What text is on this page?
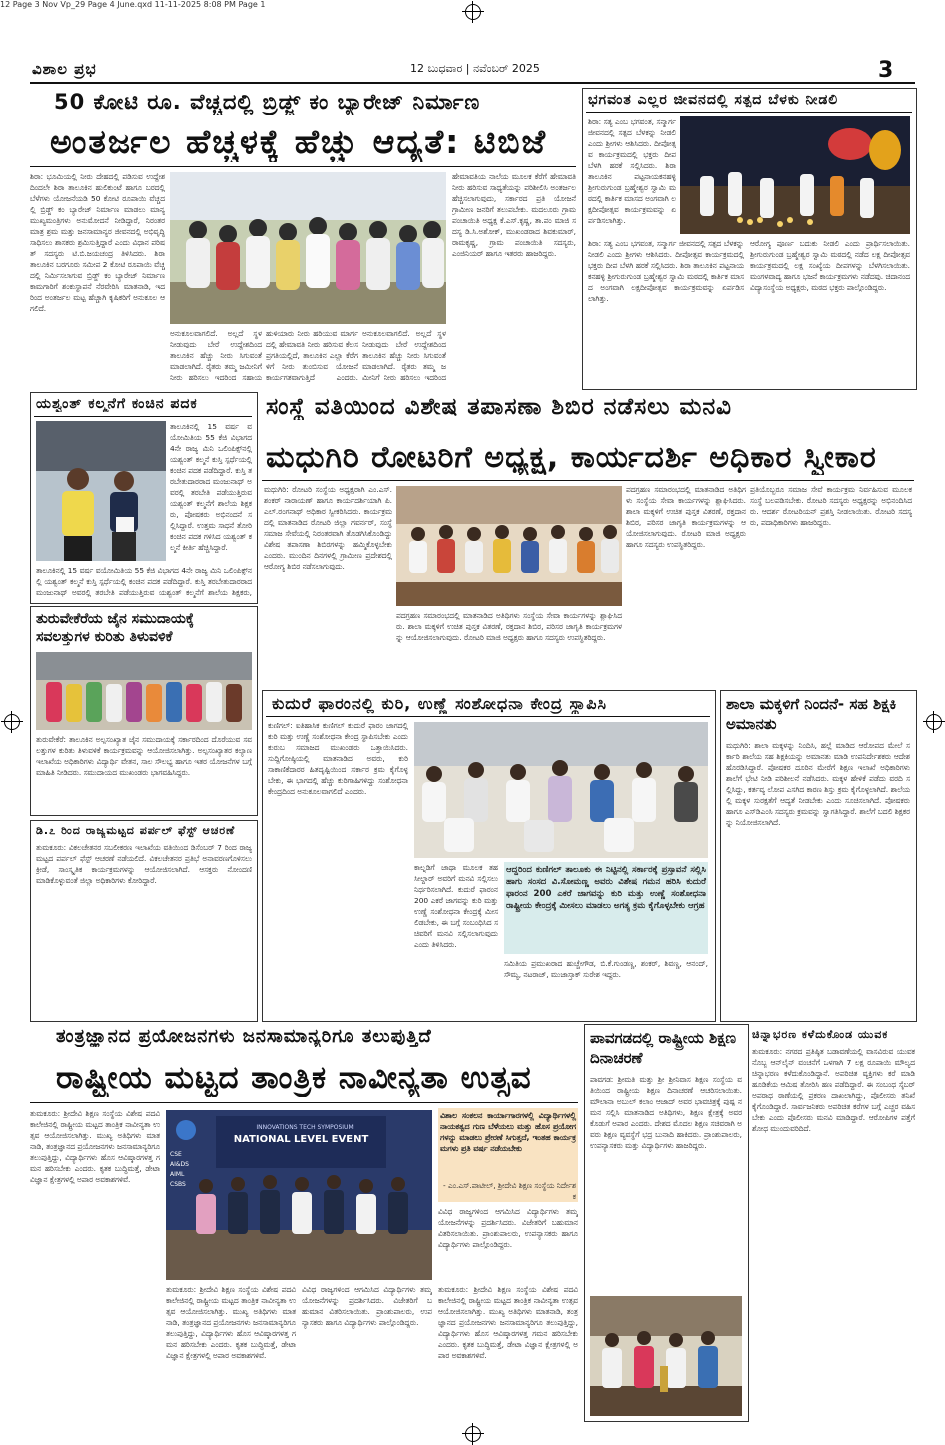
12 Page 3 Nov Vp_29 Page 4 June.qxd 11-11-2025 8:08 PM Page 1
ವಿಶಾಲ ಪ್ರಭ	12 ಬುಧವಾರ | ನವೆಂಬರ್ 2025	3
50 ಕೋಟಿ ರೂ. ವೆಚ್ಚದಲ್ಲಿ ಬ್ರಿಡ್ಜ್ ಕಂ ಬ್ಯಾರೇಜ್ ನಿರ್ಮಾಣ
ಅಂತರ್ಜಲ ಹೆಚ್ಚಳಕ್ಕೆ ಹೆಚ್ಚು ಆದ್ಯತೆ: ಟಿಬಿಜೆ
ಶಿರಾ: ಭೂಮಿಯಲ್ಲಿ ನೀರು ದೇಹದಲ್ಲಿ ಪಡಿಸುವ ಉದ್ದೇಶದಿಂದಲೇ ಶಿರಾ ತಾಲೂಕಿನ ಹುಲಿಕುಂಟೆ ಹಾಗೂ ಬರದಲ್ಲಿ ಬೆಳೆಗಳು ಯೋಜನೆಯಡಿ 50 ಕೋಟಿ ರೂಪಾಯಿ ವೆಚ್ಚದಲ್ಲಿ ಬ್ರಿಡ್ಜ್ ಕಂ ಬ್ಯಾರೇಜ್ ನಿರ್ಮಾಣ ಮಾಡಲು ಮಾನ್ಯ ಮುಖ್ಯಮಂತ್ರಿಗಳು ಅನುಮೋದನೆ ನೀಡಿದ್ದಾರೆ, ನಿರಂತರ ಮಾತ್ರ ಶ್ರಮ ಮತ್ತು ಜನಸಾಮಾನ್ಯರ ಜೀವನದಲ್ಲಿ ಅಭಿವೃದ್ಧಿ ಸಾಧಿಸಲು ಶಾಸಕರು ಶ್ರಮಿಸುತ್ತಿದ್ದಾರೆ ಎಂದು ವಿಧಾನ ಪರಿಷತ್ ಸದಸ್ಯರು ಟಿ.ಬಿ.ಜಯಚಂದ್ರ ತಿಳಿಸಿದರು. ಶಿರಾ ತಾಲೂಕಿನ ಬರಗೂರು ಸಮೀಪ 2 ಕೋಟಿ ರೂಪಾಯಿ ವೆಚ್ಚದಲ್ಲಿ ನಿರ್ಮಿಸಲಾಗುವ ಬ್ರಿಡ್ಜ್ ಕಂ ಬ್ಯಾರೇಜ್ ನಿರ್ಮಾಣ ಕಾಮಗಾರಿಗೆ ಶಂಕುಸ್ಥಾಪನೆ ನೆರವೇರಿಸಿ ಮಾತನಾಡಿ, ಇದರಿಂದ ಅಂತರ್ಜಲ ಮಟ್ಟ ಹೆಚ್ಚಾಗಿ ಕೃಷಿಕರಿಗೆ ಅನುಕೂಲ ಆಗಲಿದೆ.
ಅನುಕೂಲವಾಗಲಿದೆ. ಅಲ್ಲದೆ ಸ್ಥಳ ನೀಡುವುದು ಬೇರೆ ಉದ್ದೇಶದಿಂದ ತಾಲೂಕಿನ ಹೆಚ್ಚು ನೀರು ಸಿಗುವಂತೆ ಮಾಡಲಾಗಿದೆ. ರೈತರು ತಮ್ಮ ಜಮೀನಿಗೆ ನೀರು ಹರಿಸಲು ಇದರಿಂದ ಸಹಾಯ
ಹುಳಿಯಾರು ನೀರು ಹರಿಯುವ ಮಾರ್ಗದಲ್ಲಿ ಹೇಮಾವತಿ ನೀರು ಹರಿಸುವ ಕೆಲಸ ಪ್ರಗತಿಯಲ್ಲಿದೆ, ತಾಲೂಕಿನ ಎಲ್ಲಾ ಕೆರೆಗಳಿಗೆ ನೀರು ತುಂಬಿಸುವ ಯೋಜನೆ ಕಾರ್ಯಗತವಾಗುತ್ತಿದೆ ಎಂದರು.
ಅನುಕೂಲವಾಗಲಿದೆ. ಅಲ್ಲದೆ ಸ್ಥಳ ನೀಡುವುದು ಬೇರೆ ಉದ್ದೇಶದಿಂದ ತಾಲೂಕಿನ ಹೆಚ್ಚು ನೀರು ಸಿಗುವಂತೆ ಮಾಡಲಾಗಿದೆ. ರೈತರು ತಮ್ಮ ಜಮೀನಿಗೆ ನೀರು ಹರಿಸಲು ಇದರಿಂದ
ಹೇಮಾವತಿಯ ನಾಲೆಯ ಮೂಲಕ ಕೆರೆಗೆ ಹೇಮಾವತಿ ನೀರು ಹರಿಸುವ ಸಾಧ್ಯತೆಯನ್ನು ಪರಿಶೀಲಿಸಿ ಅಂತರ್ಜಲ ಹೆಚ್ಚಿಸಲಾಗುವುದು, ಸರ್ಕಾರದ ಪ್ರತಿ ಯೋಜನೆ ಗ್ರಾಮೀಣ ಜನರಿಗೆ ತಲುಪಬೇಕು. ಮದಲೂರು ಗ್ರಾಮ ಪಂಚಾಯಿತಿ ಅಧ್ಯಕ್ಷ ಕೆ.ಎಸ್.ಕೃಷ್ಣ, ತಾ.ಪಂ ಮಾಜಿ ಸದಸ್ಯ ಡಿ.ಸಿ.ಅಶೋಕ್, ಮುಖಂಡರಾದ ಶಿವಕುಮಾರ್, ರಾಮಕೃಷ್ಣ, ಗ್ರಾಮ ಪಂಚಾಯಿತಿ ಸದಸ್ಯರು, ಎಂಜಿನಿಯರ್ ಹಾಗೂ ಇತರರು ಹಾಜರಿದ್ದರು.
ಭಗವಂತ ಎಲ್ಲರ ಜೀವನದಲ್ಲಿ ಸತ್ಪದ ಬೆಳಕು ನೀಡಲಿ
ಶಿರಾ: ಸತ್ಯ ಎಂಬ ಭಗವಂತ, ಸನ್ಮಾರ್ಗ ಜೀವನದಲ್ಲಿ ಸತ್ಪದ ಬೆಳಕನ್ನು ನೀಡಲಿ ಎಂದು ಶ್ರೀಗಳು ಆಶಿಸಿದರು. ದೀಪೋತ್ಸವ ಕಾರ್ಯಕ್ರಮದಲ್ಲಿ ಭಕ್ತರು ದೀಪ ಬೆಳಗಿ ಹರಕೆ ಸಲ್ಲಿಸಿದರು. ಶಿರಾ ತಾಲೂಕಿನ ಪಟ್ಟನಾಯಕನಹಳ್ಳಿ ಶ್ರೀಗುರುಗುಂಡ ಬ್ರಹ್ಮೇಶ್ವರ ಸ್ವಾಮಿ ಮಠದಲ್ಲಿ ಕಾರ್ತಿಕ ಮಾಸದ ಅಂಗವಾಗಿ ಲಕ್ಷದೀಪೋತ್ಸವ ಕಾರ್ಯಕ್ರಮವನ್ನು ಏರ್ಪಡಿಸಲಾಗಿತ್ತು.
ಶಿರಾ: ಸತ್ಯ ಎಂಬ ಭಗವಂತ, ಸನ್ಮಾರ್ಗ ಜೀವನದಲ್ಲಿ ಸತ್ಪದ ಬೆಳಕನ್ನು ನೀಡಲಿ ಎಂದು ಶ್ರೀಗಳು ಆಶಿಸಿದರು. ದೀಪೋತ್ಸವ ಕಾರ್ಯಕ್ರಮದಲ್ಲಿ ಭಕ್ತರು ದೀಪ ಬೆಳಗಿ ಹರಕೆ ಸಲ್ಲಿಸಿದರು. ಶಿರಾ ತಾಲೂಕಿನ ಪಟ್ಟನಾಯಕನಹಳ್ಳಿ ಶ್ರೀಗುರುಗುಂಡ ಬ್ರಹ್ಮೇಶ್ವರ ಸ್ವಾಮಿ ಮಠದಲ್ಲಿ ಕಾರ್ತಿಕ ಮಾಸದ ಅಂಗವಾಗಿ ಲಕ್ಷದೀಪೋತ್ಸವ ಕಾರ್ಯಕ್ರಮವನ್ನು ಏರ್ಪಡಿಸಲಾಗಿತ್ತು.
ಆರೋಗ್ಯ ಪೂರ್ಣ ಬದುಕು ನೀಡಲಿ ಎಂದು ಪ್ರಾರ್ಥಿಸಲಾಯಿತು. ಶ್ರೀಗುರುಗುಂಡ ಬ್ರಹ್ಮೇಶ್ವರ ಸ್ವಾಮಿ ಮಠದಲ್ಲಿ ನಡೆದ ಲಕ್ಷ ದೀಪೋತ್ಸವ ಕಾರ್ಯಕ್ರಮದಲ್ಲಿ ಲಕ್ಷ ಸಂಖ್ಯೆಯ ದೀಪಗಳನ್ನು ಬೆಳಗಿಸಲಾಯಿತು. ಮಂಗಳವಾದ್ಯ ಹಾಗೂ ಭಜನೆ ಕಾರ್ಯಕ್ರಮಗಳು ನಡೆದವು. ಚಿದಾನಂದ ವಿದ್ಯಾಸಂಸ್ಥೆಯ ಅಧ್ಯಕ್ಷರು, ಮಠದ ಭಕ್ತರು ಪಾಲ್ಗೊಂಡಿದ್ದರು.
ಯಶ್ವಂತ್ ಕಲ್ಮನೆಗೆ ಕಂಚಿನ ಪದಕ
ತಾಲೂಕಿನಲ್ಲಿ 15 ವರ್ಷ ವಯೋಮಿತಿಯ 55 ಕೆಜಿ ವಿಭಾಗದ 4ನೇ ರಾಜ್ಯ ಮಿನಿ ಒಲಿಂಪಿಕ್ಸ್‌ನಲ್ಲಿ ಯಶ್ವಂತ್ ಕಲ್ಮನೆ ಕುಸ್ತಿ ಸ್ಪರ್ಧೆಯಲ್ಲಿ ಕಂಚಿನ ಪದಕ ಪಡೆದಿದ್ದಾರೆ. ಕುಸ್ತಿ ತರಬೇತುದಾರರಾದ ಮಂಜುನಾಥ್ ಅವರಲ್ಲಿ ತರಬೇತಿ ಪಡೆಯುತ್ತಿರುವ ಯಶ್ವಂತ್ ಕಲ್ಮನೆಗೆ ಶಾಲೆಯ ಶಿಕ್ಷಕರು, ಪೋಷಕರು ಅಭಿನಂದನೆ ಸಲ್ಲಿಸಿದ್ದಾರೆ. ಉತ್ತಮ ಸಾಧನೆ ತೋರಿ ಕಂಚಿನ ಪದಕ ಗಳಿಸಿದ ಯಶ್ವಂತ್ ಕಲ್ಮನೆ ಕೀರ್ತಿ ಹೆಚ್ಚಿಸಿದ್ದಾರೆ.
ತಾಲೂಕಿನಲ್ಲಿ 15 ವರ್ಷ ವಯೋಮಿತಿಯ 55 ಕೆಜಿ ವಿಭಾಗದ 4ನೇ ರಾಜ್ಯ ಮಿನಿ ಒಲಿಂಪಿಕ್ಸ್‌ನಲ್ಲಿ ಯಶ್ವಂತ್ ಕಲ್ಮನೆ ಕುಸ್ತಿ ಸ್ಪರ್ಧೆಯಲ್ಲಿ ಕಂಚಿನ ಪದಕ ಪಡೆದಿದ್ದಾರೆ. ಕುಸ್ತಿ ತರಬೇತುದಾರರಾದ ಮಂಜುನಾಥ್ ಅವರಲ್ಲಿ ತರಬೇತಿ ಪಡೆಯುತ್ತಿರುವ ಯಶ್ವಂತ್ ಕಲ್ಮನೆಗೆ ಶಾಲೆಯ ಶಿಕ್ಷಕರು,
ಸಂಸ್ಥೆ ವತಿಯಿಂದ ವಿಶೇಷ ತಪಾಸಣಾ ಶಿಬಿರ ನಡೆಸಲು ಮನವಿ
ಮಧುಗಿರಿ ರೋಟರಿಗೆ ಅಧ್ಯಕ್ಷ, ಕಾರ್ಯದರ್ಶಿ ಅಧಿಕಾರ ಸ್ವೀಕಾರ
ಮಧುಗಿರಿ: ರೋಟರಿ ಸಂಸ್ಥೆಯ ಅಧ್ಯಕ್ಷರಾಗಿ ಎಂ.ಎಸ್.ಶಂಕರ್ ನಾರಾಯಣ್ ಹಾಗೂ ಕಾರ್ಯದರ್ಶಿಯಾಗಿ ಪಿ.ಎಲ್.ರಂಗನಾಥ್ ಅಧಿಕಾರ ಸ್ವೀಕರಿಸಿದರು. ಕಾರ್ಯಕ್ರಮದಲ್ಲಿ ಮಾತನಾಡಿದ ರೋಟರಿ ಜಿಲ್ಲಾ ಗವರ್ನರ್, ಸಂಸ್ಥೆ ಸಮಾಜ ಸೇವೆಯಲ್ಲಿ ನಿರಂತರವಾಗಿ ತೊಡಗಿಸಿಕೊಂಡಿದ್ದು ವಿಶೇಷ ತಪಾಸಣಾ ಶಿಬಿರಗಳನ್ನು ಹಮ್ಮಿಕೊಳ್ಳಬೇಕು ಎಂದರು. ಮುಂದಿನ ದಿನಗಳಲ್ಲಿ ಗ್ರಾಮೀಣ ಪ್ರದೇಶದಲ್ಲಿ ಆರೋಗ್ಯ ಶಿಬಿರ ನಡೆಸಲಾಗುವುದು.
ಪದಗ್ರಹಣ ಸಮಾರಂಭದಲ್ಲಿ ಮಾತನಾಡಿದ ಅತಿಥಿಗಳು ಸಂಸ್ಥೆಯ ಸೇವಾ ಕಾರ್ಯಗಳನ್ನು ಶ್ಲಾಘಿಸಿದರು. ಶಾಲಾ ಮಕ್ಕಳಿಗೆ ಉಚಿತ ಪುಸ್ತಕ ವಿತರಣೆ, ರಕ್ತದಾನ ಶಿಬಿರ, ಪರಿಸರ ಜಾಗೃತಿ ಕಾರ್ಯಕ್ರಮಗಳನ್ನು ಆಯೋಜಿಸಲಾಗುವುದು. ರೋಟರಿ ಮಾಜಿ ಅಧ್ಯಕ್ಷರು ಹಾಗೂ ಸದಸ್ಯರು ಉಪಸ್ಥಿತರಿದ್ದರು.
ಪದಗ್ರಹಣ ಸಮಾರಂಭದಲ್ಲಿ ಮಾತನಾಡಿದ ಅತಿಥಿಗಳು ಸಂಸ್ಥೆಯ ಸೇವಾ ಕಾರ್ಯಗಳನ್ನು ಶ್ಲಾಘಿಸಿದರು. ಶಾಲಾ ಮಕ್ಕಳಿಗೆ ಉಚಿತ ಪುಸ್ತಕ ವಿತರಣೆ, ರಕ್ತದಾನ ಶಿಬಿರ, ಪರಿಸರ ಜಾಗೃತಿ ಕಾರ್ಯಕ್ರಮಗಳನ್ನು ಆಯೋಜಿಸಲಾಗುವುದು. ರೋಟರಿ ಮಾಜಿ ಅಧ್ಯಕ್ಷರು ಹಾಗೂ ಸದಸ್ಯರು ಉಪಸ್ಥಿತರಿದ್ದರು.
ಪ್ರತಿಯೊಬ್ಬರೂ ಸಮಾಜ ಸೇವೆ ಕಾರ್ಯಕ್ರಮ ನಿರ್ವಹಿಸುವ ಮೂಲಕ ಸಂಸ್ಥೆ ಬಲಪಡಿಸಬೇಕು. ರೋಟರಿ ಸದಸ್ಯರು ಅಧ್ಯಕ್ಷರನ್ನು ಅಭಿನಂದಿಸಿದರು. ಆದರ್ಶ ರೋಟರಿಯನ್ ಪ್ರಶಸ್ತಿ ನೀಡಲಾಯಿತು. ರೋಟರಿ ಸದಸ್ಯರು, ಪದಾಧಿಕಾರಿಗಳು ಹಾಜರಿದ್ದರು.
ತುರುವೇಕೆರೆಯ ಜೈನ ಸಮುದಾಯಕ್ಕೆ ಸವಲತ್ತುಗಳ ಕುರಿತು ತಿಳುವಳಿಕೆ
ತುರುವೇಕೆರೆ: ತಾಲೂಕಿನ ಅಲ್ಪಸಂಖ್ಯಾತ ಜೈನ ಸಮುದಾಯಕ್ಕೆ ಸರ್ಕಾರದಿಂದ ದೊರೆಯುವ ಸವಲತ್ತುಗಳ ಕುರಿತು ತಿಳುವಳಿಕೆ ಕಾರ್ಯಕ್ರಮವನ್ನು ಆಯೋಜಿಸಲಾಗಿತ್ತು. ಅಲ್ಪಸಂಖ್ಯಾತರ ಕಲ್ಯಾಣ ಇಲಾಖೆಯ ಅಧಿಕಾರಿಗಳು ವಿದ್ಯಾರ್ಥಿ ವೇತನ, ಸಾಲ ಸೌಲಭ್ಯ ಹಾಗೂ ಇತರ ಯೋಜನೆಗಳ ಬಗ್ಗೆ ಮಾಹಿತಿ ನೀಡಿದರು. ಸಮುದಾಯದ ಮುಖಂಡರು ಭಾಗವಹಿಸಿದ್ದರು.
ಡಿ.೭ ರಿಂದ ರಾಜ್ಯಮಟ್ಟದ ಪರ್ಪಲ್ ಫೆಸ್ಟ್ ಆಚರಣೆ
ತುಮಕೂರು: ವಿಕಲಚೇತನರ ಸಬಲೀಕರಣ ಇಲಾಖೆಯ ವತಿಯಿಂದ ಡಿಸೆಂಬರ್ 7 ರಿಂದ ರಾಜ್ಯಮಟ್ಟದ ಪರ್ಪಲ್ ಫೆಸ್ಟ್ ಆಚರಣೆ ನಡೆಯಲಿದೆ. ವಿಕಲಚೇತನರ ಪ್ರತಿಭೆ ಅನಾವರಣಗೊಳಿಸಲು ಕ್ರೀಡೆ, ಸಾಂಸ್ಕೃತಿಕ ಕಾರ್ಯಕ್ರಮಗಳನ್ನು ಆಯೋಜಿಸಲಾಗಿದೆ. ಆಸಕ್ತರು ನೋಂದಣಿ ಮಾಡಿಕೊಳ್ಳುವಂತೆ ಜಿಲ್ಲಾ ಅಧಿಕಾರಿಗಳು ಕೋರಿದ್ದಾರೆ.
ಕುದುರೆ ಫಾರಂನಲ್ಲಿ ಕುರಿ, ಉಣ್ಣೆ ಸಂಶೋಧನಾ ಕೇಂದ್ರ ಸ್ಥಾಪಿಸಿ
ಕುಣಿಗಲ್: ಐತಿಹಾಸಿಕ ಕುಣಿಗಲ್ ಕುದುರೆ ಫಾರಂ ಜಾಗದಲ್ಲಿ ಕುರಿ ಮತ್ತು ಉಣ್ಣೆ ಸಂಶೋಧನಾ ಕೇಂದ್ರ ಸ್ಥಾಪಿಸಬೇಕು ಎಂದು ಕುರುಬ ಸಮಾಜದ ಮುಖಂಡರು ಒತ್ತಾಯಿಸಿದರು. ಸುದ್ದಿಗೋಷ್ಠಿಯಲ್ಲಿ ಮಾತನಾಡಿದ ಅವರು, ಕುರಿ ಸಾಕಾಣಿಕೆದಾರರ ಹಿತದೃಷ್ಟಿಯಿಂದ ಸರ್ಕಾರ ಕ್ರಮ ಕೈಗೊಳ್ಳಬೇಕು, ಈ ಭಾಗದಲ್ಲಿ ಹೆಚ್ಚು ಕುರಿಗಾಹಿಗಳಿದ್ದು ಸಂಶೋಧನಾ ಕೇಂದ್ರದಿಂದ ಅನುಕೂಲವಾಗಲಿದೆ ಎಂದರು.
ಕಾಲ್ನಡಿಗೆ ಜಾಥಾ ಮೂಲಕ ತಹಸೀಲ್ದಾರ್ ಅವರಿಗೆ ಮನವಿ ಸಲ್ಲಿಸಲು ನಿರ್ಧರಿಸಲಾಗಿದೆ. ಕುದುರೆ ಫಾರಂನ 200 ಎಕರೆ ಜಾಗವನ್ನು ಕುರಿ ಮತ್ತು ಉಣ್ಣೆ ಸಂಶೋಧನಾ ಕೇಂದ್ರಕ್ಕೆ ಮೀಸಲಿಡಬೇಕು, ಈ ಬಗ್ಗೆ ಸಂಬಂಧಿಸಿದ ಸಚಿವರಿಗೆ ಮನವಿ ಸಲ್ಲಿಸಲಾಗುವುದು ಎಂದು ತಿಳಿಸಿದರು.
ಆದ್ದರಿಂದ ಕುಣಿಗಲ್ ತಾಲೂಕು ಈ ನಿಟ್ಟಿನಲ್ಲಿ ಸರ್ಕಾರಕ್ಕೆ ಪ್ರಸ್ತಾವನೆ ಸಲ್ಲಿಸಿ ಹಾಗು ಸಂಸದ ವಿ.ಸೋಮಣ್ಣ ಅವರು ವಿಶೇಷ ಗಮನ ಹರಿಸಿ ಕುದುರೆ ಫಾರಂನ 200 ಎಕರೆ ಜಾಗವನ್ನು ಕುರಿ ಮತ್ತು ಉಣ್ಣೆ ಸಂಶೋಧನಾ ರಾಷ್ಟ್ರೀಯ ಕೇಂದ್ರಕ್ಕೆ ಮೀಸಲು ಮಾಡಲು ಅಗತ್ಯ ಕ್ರಮ ಕೈಗೊಳ್ಳಬೇಕು ಆಗ್ರಹ
ಸಮಿತಿಯ ಪ್ರಮುಖರಾದ ಹುಚ್ಚೇಗೌಡ, ಬಿ.ಕೆ.ಗುಂಡಣ್ಣ, ಶಂಕರ್, ಶಿವಣ್ಣ, ಆನಂದ್, ಸೌಮ್ಯ, ನಟರಾಜ್, ಮುಜಾಸ್ತಾಕ್ ಸುರೇಶ ಇದ್ದರು.
ಶಾಲಾ ಮಕ್ಕಳಿಗೆ ನಿಂದನೆ- ಸಹ ಶಿಕ್ಷಕಿ ಅಮಾನತು
ಮಧುಗಿರಿ: ಶಾಲಾ ಮಕ್ಕಳನ್ನು ನಿಂದಿಸಿ, ಹಲ್ಲೆ ಮಾಡಿದ ಆರೋಪದ ಮೇಲೆ ಸರ್ಕಾರಿ ಶಾಲೆಯ ಸಹ ಶಿಕ್ಷಕಿಯನ್ನು ಅಮಾನತು ಮಾಡಿ ಉಪನಿರ್ದೇಶಕರು ಆದೇಶ ಹೊರಡಿಸಿದ್ದಾರೆ. ಪೋಷಕರ ದೂರಿನ ಮೇರೆಗೆ ಶಿಕ್ಷಣ ಇಲಾಖೆ ಅಧಿಕಾರಿಗಳು ಶಾಲೆಗೆ ಭೇಟಿ ನೀಡಿ ಪರಿಶೀಲನೆ ನಡೆಸಿದರು. ಮಕ್ಕಳ ಹೇಳಿಕೆ ಪಡೆದು ವರದಿ ಸಲ್ಲಿಸಿದ್ದು, ಕರ್ತವ್ಯ ಲೋಪ ಎಸಗಿದ ಕಾರಣ ಶಿಸ್ತು ಕ್ರಮ ಕೈಗೊಳ್ಳಲಾಗಿದೆ. ಶಾಲೆಯಲ್ಲಿ ಮಕ್ಕಳ ಸುರಕ್ಷತೆಗೆ ಆದ್ಯತೆ ನೀಡಬೇಕು ಎಂದು ಸೂಚಿಸಲಾಗಿದೆ. ಪೋಷಕರು ಹಾಗೂ ಎಸ್‌ಡಿಎಂಸಿ ಸದಸ್ಯರು ಕ್ರಮವನ್ನು ಸ್ವಾಗತಿಸಿದ್ದಾರೆ. ಶಾಲೆಗೆ ಬದಲಿ ಶಿಕ್ಷಕರನ್ನು ನಿಯೋಜಿಸಲಾಗಿದೆ.
ತಂತ್ರಜ್ಞಾನದ ಪ್ರಯೋಜನಗಳು ಜನಸಾಮಾನ್ಯರಿಗೂ ತಲುಪುತ್ತಿದೆ
ರಾಷ್ಟ್ರೀಯ ಮಟ್ಟದ ತಾಂತ್ರಿಕ ನಾವೀನ್ಯತಾ ಉತ್ಸವ
ತುಮಕೂರು: ಶ್ರೀದೇವಿ ಶಿಕ್ಷಣ ಸಂಸ್ಥೆಯ ವಿಶೇಷ ಪದವಿ ಕಾಲೇಜಿನಲ್ಲಿ ರಾಷ್ಟ್ರೀಯ ಮಟ್ಟದ ತಾಂತ್ರಿಕ ನಾವೀನ್ಯತಾ ಉತ್ಸವ ಆಯೋಜಿಸಲಾಗಿತ್ತು. ಮುಖ್ಯ ಅತಿಥಿಗಳು ಮಾತನಾಡಿ, ತಂತ್ರಜ್ಞಾನದ ಪ್ರಯೋಜನಗಳು ಜನಸಾಮಾನ್ಯರಿಗೂ ತಲುಪುತ್ತಿದ್ದು, ವಿದ್ಯಾರ್ಥಿಗಳು ಹೊಸ ಆವಿಷ್ಕಾರಗಳತ್ತ ಗಮನ ಹರಿಸಬೇಕು ಎಂದರು. ಕೃತಕ ಬುದ್ಧಿಮತ್ತೆ, ಡೇಟಾ ವಿಜ್ಞಾನ ಕ್ಷೇತ್ರಗಳಲ್ಲಿ ಅಪಾರ ಅವಕಾಶಗಳಿವೆ.
INNOVATIONS TECH SYMPOSIUM
NATIONAL LEVEL EVENT
CSE
AI&DS
AIML
CSBS
ವಿಶಾಲ ಸಂಕಲನ ಕಾರ್ಯಾಗಾರಗಳಲ್ಲಿ ವಿದ್ಯಾರ್ಥಿಗಳಲ್ಲಿ ನಾಯಕತ್ವದ ಗುಣ ಬೆಳೆಯಲು ಮತ್ತು ಹೊಸ ಪ್ರಯೋಗಗಳನ್ನು ಮಾಡಲು ಪ್ರೇರಣೆ ಸಿಗುತ್ತದೆ, ಇಂತಹ ಕಾರ್ಯಕ್ರಮಗಳು ಪ್ರತಿ ವರ್ಷ ನಡೆಯಬೇಕು
- ಎಂ.ಎಸ್.ಪಾಟೀಲ್, ಶ್ರೀದೇವಿ ಶಿಕ್ಷಣ ಸಂಸ್ಥೆಯ ನಿರ್ದೇಶಕ
ವಿವಿಧ ರಾಜ್ಯಗಳಿಂದ ಆಗಮಿಸಿದ ವಿದ್ಯಾರ್ಥಿಗಳು ತಮ್ಮ ಯೋಜನೆಗಳನ್ನು ಪ್ರದರ್ಶಿಸಿದರು. ವಿಜೇತರಿಗೆ ಬಹುಮಾನ ವಿತರಿಸಲಾಯಿತು. ಪ್ರಾಂಶುಪಾಲರು, ಉಪನ್ಯಾಸಕರು ಹಾಗೂ ವಿದ್ಯಾರ್ಥಿಗಳು ಪಾಲ್ಗೊಂಡಿದ್ದರು.
ತುಮಕೂರು: ಶ್ರೀದೇವಿ ಶಿಕ್ಷಣ ಸಂಸ್ಥೆಯ ವಿಶೇಷ ಪದವಿ ಕಾಲೇಜಿನಲ್ಲಿ ರಾಷ್ಟ್ರೀಯ ಮಟ್ಟದ ತಾಂತ್ರಿಕ ನಾವೀನ್ಯತಾ ಉತ್ಸವ ಆಯೋಜಿಸಲಾಗಿತ್ತು. ಮುಖ್ಯ ಅತಿಥಿಗಳು ಮಾತನಾಡಿ, ತಂತ್ರಜ್ಞಾನದ ಪ್ರಯೋಜನಗಳು ಜನಸಾಮಾನ್ಯರಿಗೂ ತಲುಪುತ್ತಿದ್ದು, ವಿದ್ಯಾರ್ಥಿಗಳು ಹೊಸ ಆವಿಷ್ಕಾರಗಳತ್ತ ಗಮನ ಹರಿಸಬೇಕು ಎಂದರು. ಕೃತಕ ಬುದ್ಧಿಮತ್ತೆ, ಡೇಟಾ ವಿಜ್ಞಾನ ಕ್ಷೇತ್ರಗಳಲ್ಲಿ ಅಪಾರ ಅವಕಾಶಗಳಿವೆ.
ವಿವಿಧ ರಾಜ್ಯಗಳಿಂದ ಆಗಮಿಸಿದ ವಿದ್ಯಾರ್ಥಿಗಳು ತಮ್ಮ ಯೋಜನೆಗಳನ್ನು ಪ್ರದರ್ಶಿಸಿದರು. ವಿಜೇತರಿಗೆ ಬಹುಮಾನ ವಿತರಿಸಲಾಯಿತು. ಪ್ರಾಂಶುಪಾಲರು, ಉಪನ್ಯಾಸಕರು ಹಾಗೂ ವಿದ್ಯಾರ್ಥಿಗಳು ಪಾಲ್ಗೊಂಡಿದ್ದರು.
ತುಮಕೂರು: ಶ್ರೀದೇವಿ ಶಿಕ್ಷಣ ಸಂಸ್ಥೆಯ ವಿಶೇಷ ಪದವಿ ಕಾಲೇಜಿನಲ್ಲಿ ರಾಷ್ಟ್ರೀಯ ಮಟ್ಟದ ತಾಂತ್ರಿಕ ನಾವೀನ್ಯತಾ ಉತ್ಸವ ಆಯೋಜಿಸಲಾಗಿತ್ತು. ಮುಖ್ಯ ಅತಿಥಿಗಳು ಮಾತನಾಡಿ, ತಂತ್ರಜ್ಞಾನದ ಪ್ರಯೋಜನಗಳು ಜನಸಾಮಾನ್ಯರಿಗೂ ತಲುಪುತ್ತಿದ್ದು, ವಿದ್ಯಾರ್ಥಿಗಳು ಹೊಸ ಆವಿಷ್ಕಾರಗಳತ್ತ ಗಮನ ಹರಿಸಬೇಕು ಎಂದರು. ಕೃತಕ ಬುದ್ಧಿಮತ್ತೆ, ಡೇಟಾ ವಿಜ್ಞಾನ ಕ್ಷೇತ್ರಗಳಲ್ಲಿ ಅಪಾರ ಅವಕಾಶಗಳಿವೆ.
ಪಾವಗಡದಲ್ಲಿ ರಾಷ್ಟ್ರೀಯ ಶಿಕ್ಷಣ ದಿನಾಚರಣೆ
ಪಾವಗಡ: ಶ್ರೀಮತಿ ಮತ್ತು ಶ್ರೀ ಶ್ರೀನಿವಾಸ ಶಿಕ್ಷಣ ಸಂಸ್ಥೆಯ ವತಿಯಿಂದ ರಾಷ್ಟ್ರೀಯ ಶಿಕ್ಷಣ ದಿನಾಚರಣೆ ಆಚರಿಸಲಾಯಿತು. ಮೌಲಾನಾ ಅಬುಲ್ ಕಲಾಂ ಆಜಾದ್ ಅವರ ಭಾವಚಿತ್ರಕ್ಕೆ ಪುಷ್ಪ ನಮನ ಸಲ್ಲಿಸಿ ಮಾತನಾಡಿದ ಅತಿಥಿಗಳು, ಶಿಕ್ಷಣ ಕ್ಷೇತ್ರಕ್ಕೆ ಅವರ ಕೊಡುಗೆ ಅಪಾರ ಎಂದರು. ದೇಶದ ಮೊದಲ ಶಿಕ್ಷಣ ಸಚಿವರಾಗಿ ಅವರು ಶಿಕ್ಷಣ ವ್ಯವಸ್ಥೆಗೆ ಭದ್ರ ಬುನಾದಿ ಹಾಕಿದರು. ಪ್ರಾಂಶುಪಾಲರು, ಉಪನ್ಯಾಸಕರು ಮತ್ತು ವಿದ್ಯಾರ್ಥಿಗಳು ಹಾಜರಿದ್ದರು.
ಚಿನ್ನಾಭರಣ ಕಳೆದುಕೊಂಡ ಯುವಕ
ತುಮಕೂರು: ನಗರದ ಪ್ರತಿಷ್ಠಿತ ಬಡಾವಣೆಯಲ್ಲಿ ವಾಸವಿರುವ ಯುವಕನೊಬ್ಬ ಆನ್‌ಲೈನ್ ವಂಚನೆಗೆ ಒಳಗಾಗಿ 7 ಲಕ್ಷ ರೂಪಾಯಿ ಮೌಲ್ಯದ ಚಿನ್ನಾಭರಣ ಕಳೆದುಕೊಂಡಿದ್ದಾನೆ. ಅಪರಿಚಿತ ವ್ಯಕ್ತಿಗಳು ಕರೆ ಮಾಡಿ ಹೂಡಿಕೆಯ ಆಮಿಷ ತೋರಿಸಿ ಹಣ ಪಡೆದಿದ್ದಾರೆ. ಈ ಸಂಬಂಧ ಸೈಬರ್ ಅಪರಾಧ ಠಾಣೆಯಲ್ಲಿ ಪ್ರಕರಣ ದಾಖಲಾಗಿದ್ದು, ಪೊಲೀಸರು ತನಿಖೆ ಕೈಗೊಂಡಿದ್ದಾರೆ. ಸಾರ್ವಜನಿಕರು ಅಪರಿಚಿತ ಕರೆಗಳ ಬಗ್ಗೆ ಎಚ್ಚರ ವಹಿಸಬೇಕು ಎಂದು ಪೊಲೀಸರು ಮನವಿ ಮಾಡಿದ್ದಾರೆ. ಆರೋಪಿಗಳ ಪತ್ತೆಗೆ ಶೋಧ ಮುಂದುವರಿದಿದೆ.
